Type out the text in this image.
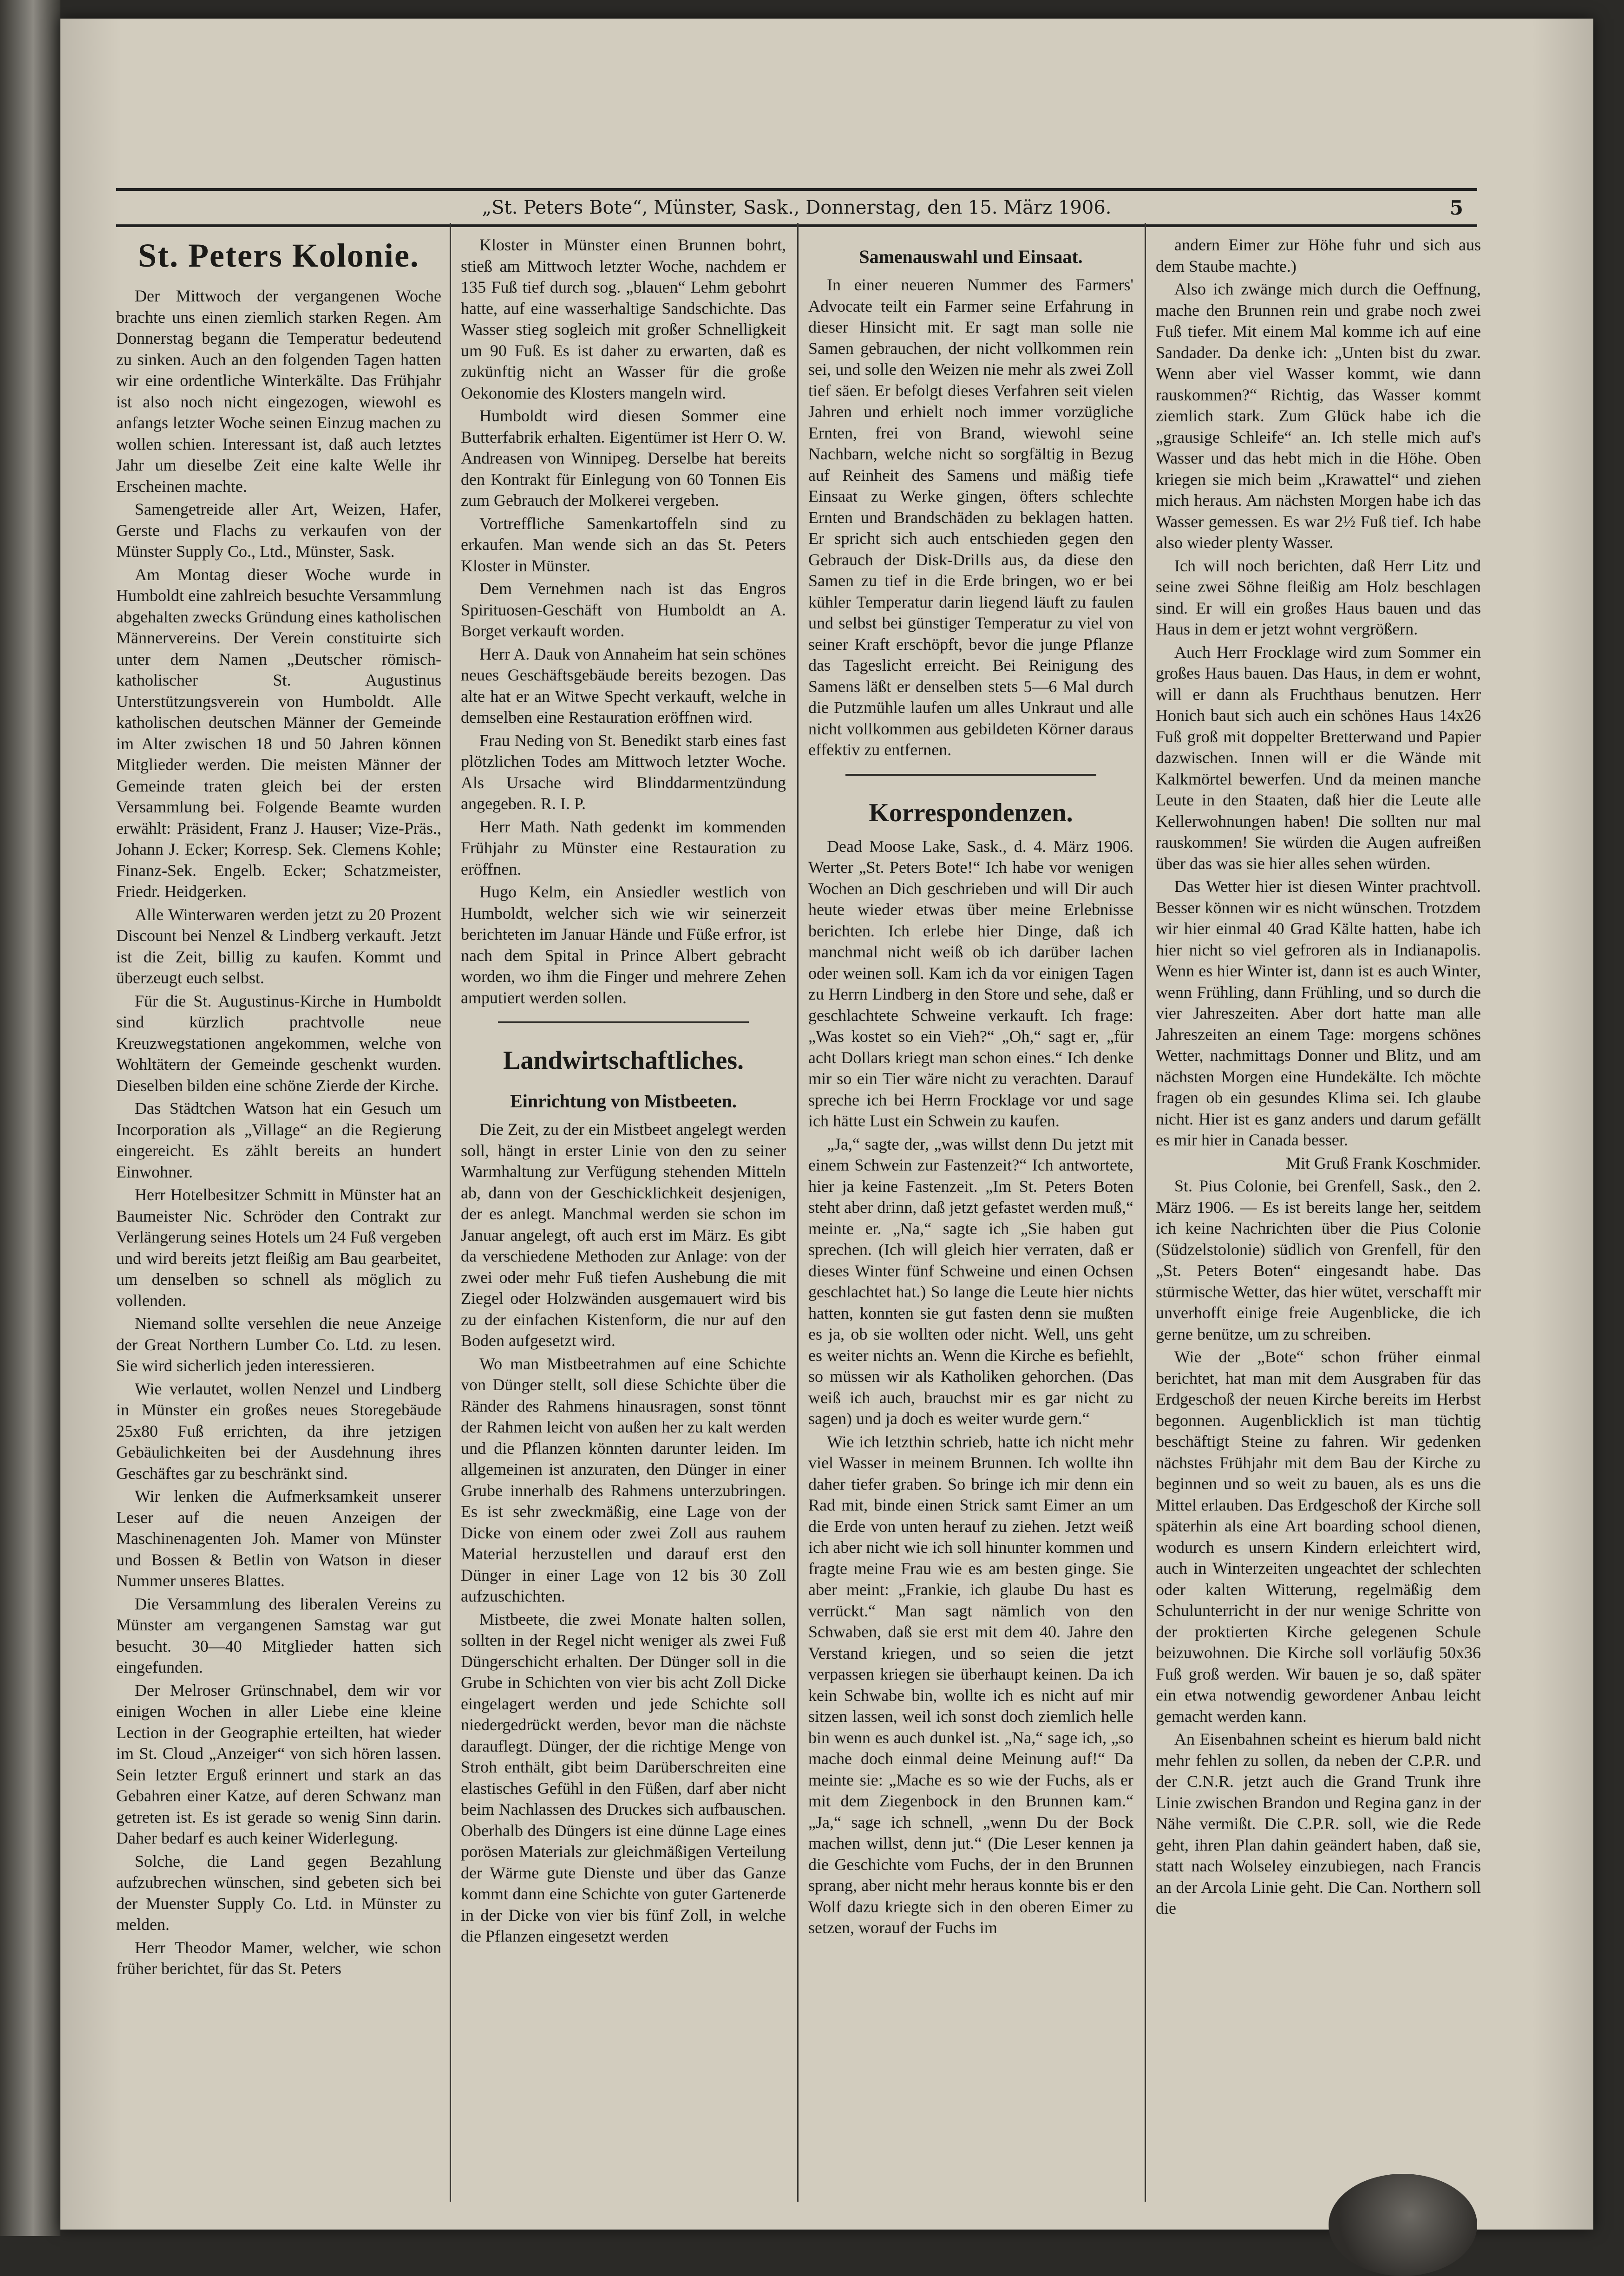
„St. Peters Bote“, Münster, Sask., Donnerstag, den 15. März 1906.	5
St. Peters Kolonie.

Der Mittwoch der vergangenen Woche brachte uns einen ziemlich starken Regen. Am Donnerstag begann die Temperatur bedeutend zu sinken. Auch an den folgenden Tagen hatten wir eine ordentliche Winterkälte. Das Frühjahr ist also noch nicht eingezogen, wiewohl es anfangs letzter Woche seinen Einzug machen zu wollen schien. Interessant ist, daß auch letztes Jahr um dieselbe Zeit eine kalte Welle ihr Erscheinen machte.

Samengetreide aller Art, Weizen, Hafer, Gerste und Flachs zu verkaufen von der Münster Supply Co., Ltd., Münster, Sask.

Am Montag dieser Woche wurde in Humboldt eine zahlreich besuchte Versammlung abgehalten zwecks Gründung eines katholischen Männervereins. Der Verein constituirte sich unter dem Namen „Deutscher römisch-katholischer St. Augustinus Unterstützungsverein von Humboldt. Alle katholischen deutschen Männer der Gemeinde im Alter zwischen 18 und 50 Jahren können Mitglieder werden. Die meisten Männer der Gemeinde traten gleich bei der ersten Versammlung bei. Folgende Beamte wurden erwählt: Präsident, Franz J. Hauser; Vize-Präs., Johann J. Ecker; Korresp. Sek. Clemens Kohle; Finanz-Sek. Engelb. Ecker; Schatzmeister, Friedr. Heidgerken.

Alle Winterwaren werden jetzt zu 20 Prozent Discount bei Nenzel & Lindberg verkauft. Jetzt ist die Zeit, billig zu kaufen. Kommt und überzeugt euch selbst.

Für die St. Augustinus-Kirche in Humboldt sind kürzlich prachtvolle neue Kreuzwegstationen angekommen, welche von Wohltätern der Gemeinde geschenkt wurden. Dieselben bilden eine schöne Zierde der Kirche.

Das Städtchen Watson hat ein Gesuch um Incorporation als „Village“ an die Regierung eingereicht. Es zählt bereits an hundert Einwohner.

Herr Hotelbesitzer Schmitt in Münster hat an Baumeister Nic. Schröder den Contrakt zur Verlängerung seines Hotels um 24 Fuß vergeben und wird bereits jetzt fleißig am Bau gearbeitet, um denselben so schnell als möglich zu vollenden.

Niemand sollte versehlen die neue Anzeige der Great Northern Lumber Co. Ltd. zu lesen. Sie wird sicherlich jeden interessieren.

Wie verlautet, wollen Nenzel und Lindberg in Münster ein großes neues Storegebäude 25x80 Fuß errichten, da ihre jetzigen Gebäulichkeiten bei der Ausdehnung ihres Geschäftes gar zu beschränkt sind.

Wir lenken die Aufmerksamkeit unserer Leser auf die neuen Anzeigen der Maschinenagenten Joh. Mamer von Münster und Bossen & Betlin von Watson in dieser Nummer unseres Blattes.

Die Versammlung des liberalen Vereins zu Münster am vergangenen Samstag war gut besucht. 30—40 Mitglieder hatten sich eingefunden.

Der Melroser Grünschnabel, dem wir vor einigen Wochen in aller Liebe eine kleine Lection in der Geographie erteilten, hat wieder im St. Cloud „Anzeiger“ von sich hören lassen. Sein letzter Erguß erinnert und stark an das Gebahren einer Katze, auf deren Schwanz man getreten ist. Es ist gerade so wenig Sinn darin. Daher bedarf es auch keiner Widerlegung.

Solche, die Land gegen Bezahlung aufzubrechen wünschen, sind gebeten sich bei der Muenster Supply Co. Ltd. in Münster zu melden.

Herr Theodor Mamer, welcher, wie schon früher berichtet, für das St. Peters

Kloster in Münster einen Brunnen bohrt, stieß am Mittwoch letzter Woche, nachdem er 135 Fuß tief durch sog. „blauen“ Lehm gebohrt hatte, auf eine wasserhaltige Sandschichte. Das Wasser stieg sogleich mit großer Schnelligkeit um 90 Fuß. Es ist daher zu erwarten, daß es zukünftig nicht an Wasser für die große Oekonomie des Klosters mangeln wird.

Humboldt wird diesen Sommer eine Butterfabrik erhalten. Eigentümer ist Herr O. W. Andreasen von Winnipeg. Derselbe hat bereits den Kontrakt für Einlegung von 60 Tonnen Eis zum Gebrauch der Molkerei vergeben.

Vortreffliche Samenkartoffeln sind zu erkaufen. Man wende sich an das St. Peters Kloster in Münster.

Dem Vernehmen nach ist das Engros Spirituosen-Geschäft von Humboldt an A. Borget verkauft worden.

Herr A. Dauk von Annaheim hat sein schönes neues Geschäftsgebäude bereits bezogen. Das alte hat er an Witwe Specht verkauft, welche in demselben eine Restauration eröffnen wird.

Frau Neding von St. Benedikt starb eines fast plötzlichen Todes am Mittwoch letzter Woche. Als Ursache wird Blinddarmentzündung angegeben. R. I. P.

Herr Math. Nath gedenkt im kommenden Frühjahr zu Münster eine Restauration zu eröffnen.

Hugo Kelm, ein Ansiedler westlich von Humboldt, welcher sich wie wir seinerzeit berichteten im Januar Hände und Füße erfror, ist nach dem Spital in Prince Albert gebracht worden, wo ihm die Finger und mehrere Zehen amputiert werden sollen.

Landwirtschaftliches.
Einrichtung von Mistbeeten.

Die Zeit, zu der ein Mistbeet angelegt werden soll, hängt in erster Linie von den zu seiner Warmhaltung zur Verfügung stehenden Mitteln ab, dann von der Geschicklichkeit desjenigen, der es anlegt. Manchmal werden sie schon im Januar angelegt, oft auch erst im März. Es gibt da verschiedene Methoden zur Anlage: von der zwei oder mehr Fuß tiefen Aushebung die mit Ziegel oder Holzwänden ausgemauert wird bis zu der einfachen Kistenform, die nur auf den Boden aufgesetzt wird.

Wo man Mistbeetrahmen auf eine Schichte von Dünger stellt, soll diese Schichte über die Ränder des Rahmens hinausragen, sonst tönnt der Rahmen leicht von außen her zu kalt werden und die Pflanzen könnten darunter leiden. Im allgemeinen ist anzuraten, den Dünger in einer Grube innerhalb des Rahmens unterzubringen. Es ist sehr zweckmäßig, eine Lage von der Dicke von einem oder zwei Zoll aus rauhem Material herzustellen und darauf erst den Dünger in einer Lage von 12 bis 30 Zoll aufzuschichten.

Mistbeete, die zwei Monate halten sollen, sollten in der Regel nicht weniger als zwei Fuß Düngerschicht erhalten. Der Dünger soll in die Grube in Schichten von vier bis acht Zoll Dicke eingelagert werden und jede Schichte soll niedergedrückt werden, bevor man die nächste darauflegt. Dünger, der die richtige Menge von Stroh enthält, gibt beim Darüberschreiten eine elastisches Gefühl in den Füßen, darf aber nicht beim Nachlassen des Druckes sich aufbauschen. Oberhalb des Düngers ist eine dünne Lage eines porösen Materials zur gleichmäßigen Verteilung der Wärme gute Dienste und über das Ganze kommt dann eine Schichte von guter Gartenerde in der Dicke von vier bis fünf Zoll, in welche die Pflanzen eingesetzt werden

Samenauswahl und Einsaat.

In einer neueren Nummer des Farmers' Advocate teilt ein Farmer seine Erfahrung in dieser Hinsicht mit. Er sagt man solle nie Samen gebrauchen, der nicht vollkommen rein sei, und solle den Weizen nie mehr als zwei Zoll tief säen. Er befolgt dieses Verfahren seit vielen Jahren und erhielt noch immer vorzügliche Ernten, frei von Brand, wiewohl seine Nachbarn, welche nicht so sorgfältig in Bezug auf Reinheit des Samens und mäßig tiefe Einsaat zu Werke gingen, öfters schlechte Ernten und Brandschäden zu beklagen hatten. Er spricht sich auch entschieden gegen den Gebrauch der Disk-Drills aus, da diese den Samen zu tief in die Erde bringen, wo er bei kühler Temperatur darin liegend läuft zu faulen und selbst bei günstiger Temperatur zu viel von seiner Kraft erschöpft, bevor die junge Pflanze das Tageslicht erreicht. Bei Reinigung des Samens läßt er denselben stets 5—6 Mal durch die Putzmühle laufen um alles Unkraut und alle nicht vollkommen aus gebildeten Körner daraus effektiv zu entfernen.

Korrespondenzen.

Dead Moose Lake, Sask., d. 4. März 1906. Werter „St. Peters Bote!“ Ich habe vor wenigen Wochen an Dich geschrieben und will Dir auch heute wieder etwas über meine Erlebnisse berichten. Ich erlebe hier Dinge, daß ich manchmal nicht weiß ob ich darüber lachen oder weinen soll. Kam ich da vor einigen Tagen zu Herrn Lindberg in den Store und sehe, daß er geschlachtete Schweine verkauft. Ich frage: „Was kostet so ein Vieh?“ „Oh,“ sagt er, „für acht Dollars kriegt man schon eines.“ Ich denke mir so ein Tier wäre nicht zu verachten. Darauf spreche ich bei Herrn Frocklage vor und sage ich hätte Lust ein Schwein zu kaufen.

„Ja,“ sagte der, „was willst denn Du jetzt mit einem Schwein zur Fastenzeit?“ Ich antwortete, hier ja keine Fastenzeit. „Im St. Peters Boten steht aber drinn, daß jetzt gefastet werden muß,“ meinte er. „Na,“ sagte ich „Sie haben gut sprechen. (Ich will gleich hier verraten, daß er dieses Winter fünf Schweine und einen Ochsen geschlachtet hat.) So lange die Leute hier nichts hatten, konnten sie gut fasten denn sie mußten es ja, ob sie wollten oder nicht. Well, uns geht es weiter nichts an. Wenn die Kirche es befiehlt, so müssen wir als Katholiken gehorchen. (Das weiß ich auch, brauchst mir es gar nicht zu sagen) und ja doch es weiter wurde gern.“

Wie ich letzthin schrieb, hatte ich nicht mehr viel Wasser in meinem Brunnen. Ich wollte ihn daher tiefer graben. So bringe ich mir denn ein Rad mit, binde einen Strick samt Eimer an um die Erde von unten herauf zu ziehen. Jetzt weiß ich aber nicht wie ich soll hinunter kommen und fragte meine Frau wie es am besten ginge. Sie aber meint: „Frankie, ich glaube Du hast es verrückt.“ Man sagt nämlich von den Schwaben, daß sie erst mit dem 40. Jahre den Verstand kriegen, und so seien die jetzt verpassen kriegen sie überhaupt keinen. Da ich kein Schwabe bin, wollte ich es nicht auf mir sitzen lassen, weil ich sonst doch ziemlich helle bin wenn es auch dunkel ist. „Na,“ sage ich, „so mache doch einmal deine Meinung auf!“ Da meinte sie: „Mache es so wie der Fuchs, als er mit dem Ziegenbock in den Brunnen kam.“ „Ja,“ sage ich schnell, „wenn Du der Bock machen willst, denn jut.“ (Die Leser kennen ja die Geschichte vom Fuchs, der in den Brunnen sprang, aber nicht mehr heraus konnte bis er den Wolf dazu kriegte sich in den oberen Eimer zu setzen, worauf der Fuchs im

andern Eimer zur Höhe fuhr und sich aus dem Staube machte.)

Also ich zwänge mich durch die Oeffnung, mache den Brunnen rein und grabe noch zwei Fuß tiefer. Mit einem Mal komme ich auf eine Sandader. Da denke ich: „Unten bist du zwar. Wenn aber viel Wasser kommt, wie dann rauskommen?“ Richtig, das Wasser kommt ziemlich stark. Zum Glück habe ich die „grausige Schleife“ an. Ich stelle mich auf's Wasser und das hebt mich in die Höhe. Oben kriegen sie mich beim „Krawattel“ und ziehen mich heraus. Am nächsten Morgen habe ich das Wasser gemessen. Es war 2½ Fuß tief. Ich habe also wieder plenty Wasser.

Ich will noch berichten, daß Herr Litz und seine zwei Söhne fleißig am Holz beschlagen sind. Er will ein großes Haus bauen und das Haus in dem er jetzt wohnt vergrößern.

Auch Herr Frocklage wird zum Sommer ein großes Haus bauen. Das Haus, in dem er wohnt, will er dann als Fruchthaus benutzen. Herr Honich baut sich auch ein schönes Haus 14x26 Fuß groß mit doppelter Bretterwand und Papier dazwischen. Innen will er die Wände mit Kalkmörtel bewerfen. Und da meinen manche Leute in den Staaten, daß hier die Leute alle Kellerwohnungen haben! Die sollten nur mal rauskommen! Sie würden die Augen aufreißen über das was sie hier alles sehen würden.

Das Wetter hier ist diesen Winter prachtvoll. Besser können wir es nicht wünschen. Trotzdem wir hier einmal 40 Grad Kälte hatten, habe ich hier nicht so viel gefroren als in Indianapolis. Wenn es hier Winter ist, dann ist es auch Winter, wenn Frühling, dann Frühling, und so durch die vier Jahreszeiten. Aber dort hatte man alle Jahreszeiten an einem Tage: morgens schönes Wetter, nachmittags Donner und Blitz, und am nächsten Morgen eine Hundekälte. Ich möchte fragen ob ein gesundes Klima sei. Ich glaube nicht. Hier ist es ganz anders und darum gefällt es mir hier in Canada besser.

Mit Gruß Frank Koschmider.

St. Pius Colonie, bei Grenfell, Sask., den 2. März 1906. — Es ist bereits lange her, seitdem ich keine Nachrichten über die Pius Colonie (Südzelstolonie) südlich von Grenfell, für den „St. Peters Boten“ eingesandt habe. Das stürmische Wetter, das hier wütet, verschafft mir unverhofft einige freie Augenblicke, die ich gerne benütze, um zu schreiben.

Wie der „Bote“ schon früher einmal berichtet, hat man mit dem Ausgraben für das Erdgeschoß der neuen Kirche bereits im Herbst begonnen. Augenblicklich ist man tüchtig beschäftigt Steine zu fahren. Wir gedenken nächstes Frühjahr mit dem Bau der Kirche zu beginnen und so weit zu bauen, als es uns die Mittel erlauben. Das Erdgeschoß der Kirche soll späterhin als eine Art boarding school dienen, wodurch es unsern Kindern erleichtert wird, auch in Winterzeiten ungeachtet der schlechten oder kalten Witterung, regelmäßig dem Schulunterricht in der nur wenige Schritte von der proktierten Kirche gelegenen Schule beizuwohnen. Die Kirche soll vorläufig 50x36 Fuß groß werden. Wir bauen je so, daß später ein etwa notwendig gewordener Anbau leicht gemacht werden kann.

An Eisenbahnen scheint es hierum bald nicht mehr fehlen zu sollen, da neben der C.P.R. und der C.N.R. jetzt auch die Grand Trunk ihre Linie zwischen Brandon und Regina ganz in der Nähe vermißt. Die C.P.R. soll, wie die Rede geht, ihren Plan dahin geändert haben, daß sie, statt nach Wolseley einzubiegen, nach Francis an der Arcola Linie geht. Die Can. Northern soll die
